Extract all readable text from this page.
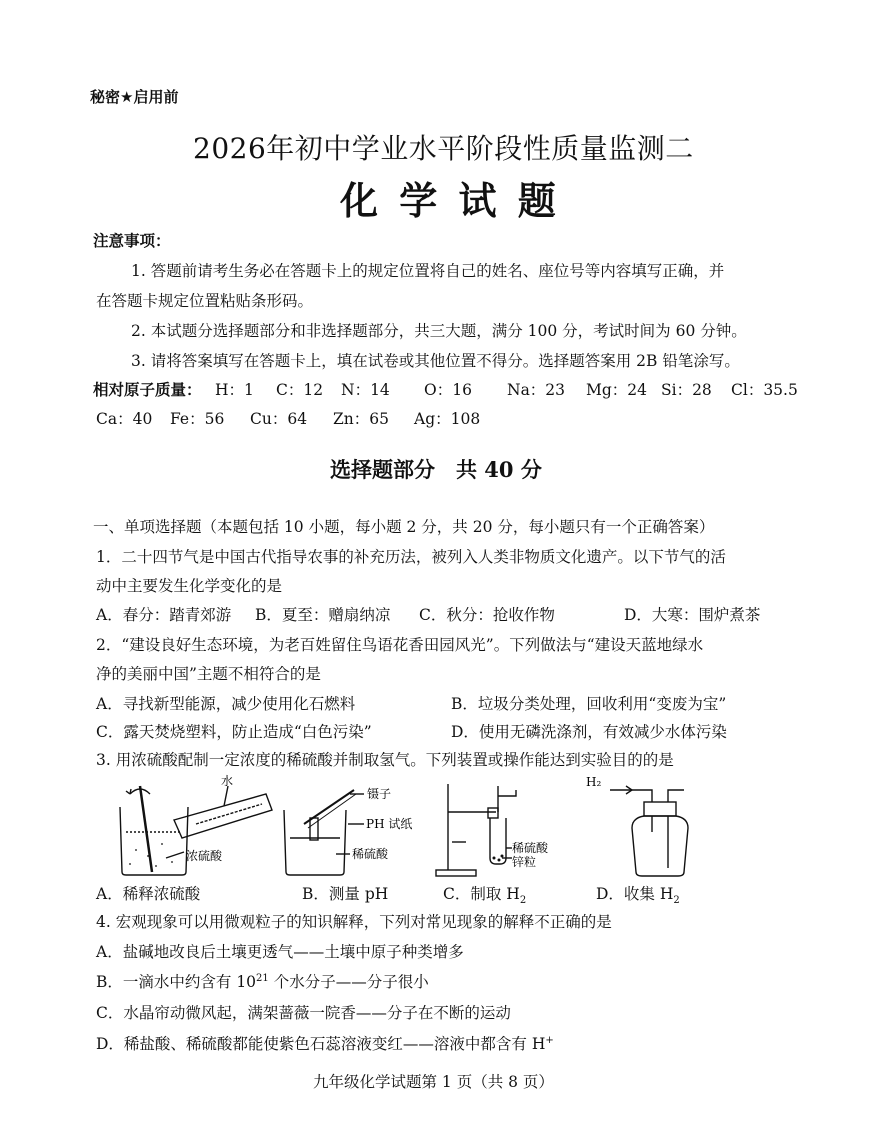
秘密★启用前
2026年初中学业水平阶段性质量监测二
化 学 试 题
注意事项：
1. 答题前请考生务必在答题卡上的规定位置将自己的姓名、座位号等内容填写正确，并
在答题卡规定位置粘贴条形码。
2. 本试题分选择题部分和非选择题部分，共三大题，满分 100 分，考试时间为 60 分钟。
3. 请将答案填写在答题卡上，填在试卷或其他位置不得分。选择题答案用 2B 铅笔涂写。
相对原子质量： H：1 C：12 N：14 O：16 Na：23 Mg：24 Si：28 Cl：35.5
Ca：40 Fe：56 Cu：64 Zn：65 Ag：108
选择题部分　共 40 分
一、单项选择题（本题包括 10 小题，每小题 2 分，共 20 分，每小题只有一个正确答案）
1．二十四节气是中国古代指导农事的补充历法，被列入人类非物质文化遗产。以下节气的活
动中主要发生化学变化的是
A．春分：踏青郊游 B．夏至：赠扇纳凉 C．秋分：抢收作物	D．大寒：围炉煮茶
2．“建设良好生态环境，为老百姓留住鸟语花香田园风光”。下列做法与“建设天蓝地绿水
净的美丽中国”主题不相符合的是
A．寻找新型能源，减少使用化石燃料	B．垃圾分类处理，回收利用“变废为宝”
C．露天焚烧塑料，防止造成“白色污染”	D．使用无磷洗涤剂，有效减少水体污染
3. 用浓硫酸配制一定浓度的稀硫酸并制取氢气。下列装置或操作能达到实验目的的是
水
浓硫酸
镊子
PH 试纸
稀硫酸	稀硫酸
锌粒
H₂
A．稀释浓硫酸	B．测量 pH	C．制取 $H_2$	D．收集 $H_2$
4. 宏观现象可以用微观粒子的知识解释，下列对常见现象的解释不正确的是
A．盐碱地改良后土壤更透气——土壤中原子种类增多
B．一滴水中约含有 $10^{21}$ 个水分子——分子很小
C．水晶帘动微风起，满架蔷薇一院香——分子在不断的运动
D．稀盐酸、稀硫酸都能使紫色石蕊溶液变红——溶液中都含有 H+
九年级化学试题第 1 页（共 8 页）
